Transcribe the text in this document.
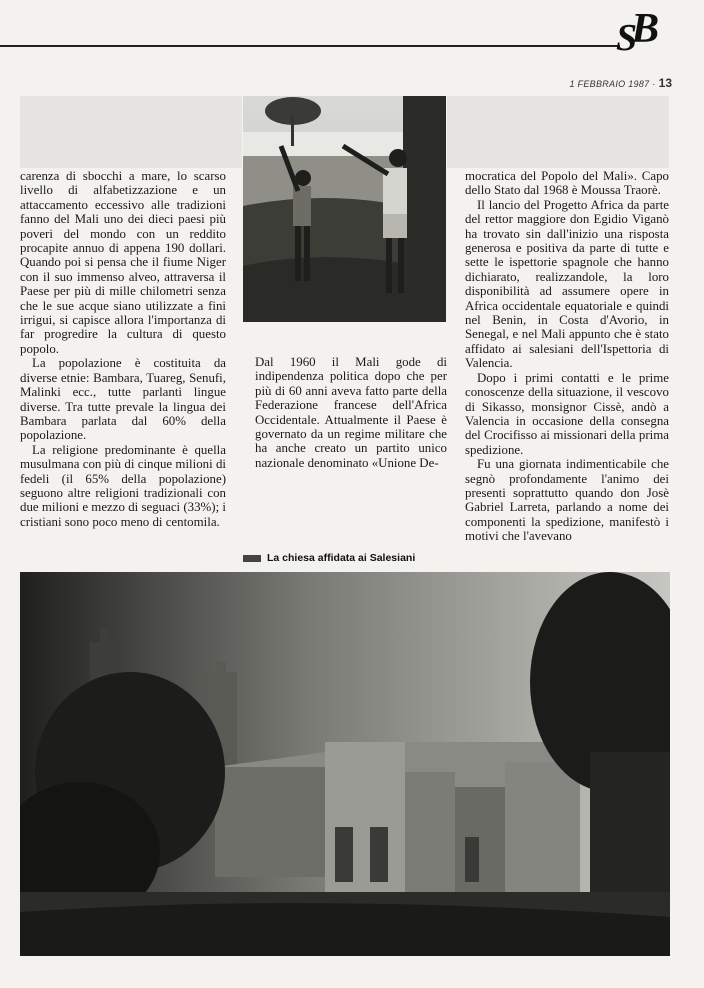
SB
1 FEBBRAIO 1987 · 13

carenza di sbocchi a mare, lo scarso livello di alfabetizzazione e un attaccamento eccessivo alle tradizioni fanno del Mali uno dei dieci paesi più poveri del mondo con un reddito procapite annuo di appena 190 dollari. Quando poi si pensa che il fiume Niger con il suo immenso alveo, attraversa il Paese per più di mille chilometri senza che le sue acque siano utilizzate a fini irrigui, si capisce allora l'importanza di far progredire la cultura di questo popolo.

La popolazione è costituita da diverse etnie: Bambara, Tuareg, Senufi, Malinki ecc., tutte parlanti lingue diverse. Tra tutte prevale la lingua dei Bambara parlata dal 60% della popolazione.

La religione predominante è quella musulmana con più di cinque milioni di fedeli (il 65% della popolazione) seguono altre religioni tradizionali con due milioni e mezzo di seguaci (33%); i cristiani sono poco meno di centomila.

Dal 1960 il Mali gode di indipendenza politica dopo che per più di 60 anni aveva fatto parte della Federazione francese dell'Africa Occidentale. Attualmente il Paese è governato da un regime militare che ha anche creato un partito unico nazionale denominato «Unione De-

mocratica del Popolo del Mali». Capo dello Stato dal 1968 è Moussa Traorè.

Il lancio del Progetto Africa da parte del rettor maggiore don Egidio Viganò ha trovato sin dall'inizio una risposta generosa e positiva da parte di tutte e sette le ispettorie spagnole che hanno dichiarato, realizzandole, la loro disponibilità ad assumere opere in Africa occidentale equatoriale e quindi nel Benin, in Costa d'Avorio, in Senegal, e nel Mali appunto che è stato affidato ai salesiani dell'Ispettoria di Valencia.

Dopo i primi contatti e le prime conoscenze della situazione, il vescovo di Sikasso, monsignor Cissè, andò a Valencia in occasione della consegna del Crocifisso ai missionari della prima spedizione.

Fu una giornata indimenticabile che segnò profondamente l'animo dei presenti soprattutto quando don Josè Gabriel Larreta, parlando a nome dei componenti la spedizione, manifestò i motivi che l'avevano

La chiesa affidata ai Salesiani
